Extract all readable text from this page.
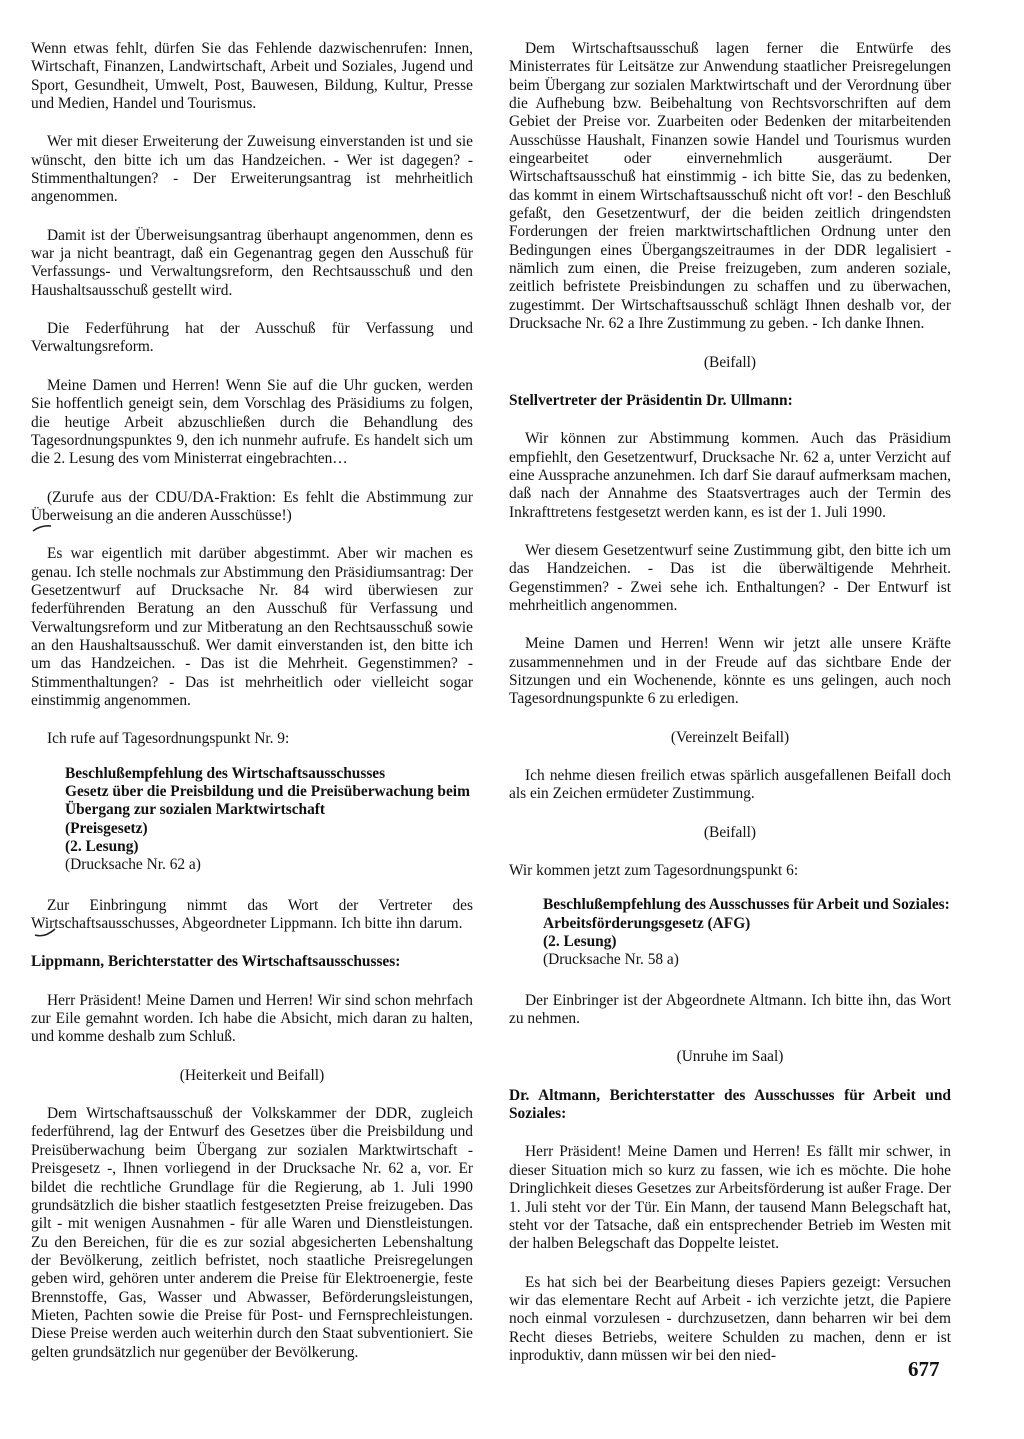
Wenn etwas fehlt, dürfen Sie das Fehlende dazwischenrufen: Innen, Wirtschaft, Finanzen, Landwirtschaft, Arbeit und Soziales, Jugend und Sport, Gesundheit, Umwelt, Post, Bauwesen, Bildung, Kultur, Presse und Medien, Handel und Tourismus.

Wer mit dieser Erweiterung der Zuweisung einverstanden ist und sie wünscht, den bitte ich um das Handzeichen. - Wer ist dagegen? - Stimmenthaltungen? - Der Erweiterungsantrag ist mehrheitlich angenommen.

Damit ist der Überweisungsantrag überhaupt angenommen, denn es war ja nicht beantragt, daß ein Gegenantrag gegen den Ausschuß für Verfassungs- und Verwaltungsreform, den Rechtsausschuß und den Haushaltsausschuß gestellt wird.

Die Federführung hat der Ausschuß für Verfassung und Verwaltungsreform.

Meine Damen und Herren! Wenn Sie auf die Uhr gucken, werden Sie hoffentlich geneigt sein, dem Vorschlag des Präsidiums zu folgen, die heutige Arbeit abzuschließen durch die Behandlung des Tagesordnungspunktes 9, den ich nunmehr aufrufe. Es handelt sich um die 2. Lesung des vom Ministerrat eingebrachten…

(Zurufe aus der CDU/DA-Fraktion: Es fehlt die Abstimmung zur Überweisung an die anderen Ausschüsse!)

Es war eigentlich mit darüber abgestimmt. Aber wir machen es genau. Ich stelle nochmals zur Abstimmung den Präsidiumsantrag: Der Gesetzentwurf auf Drucksache Nr. 84 wird überwiesen zur federführenden Beratung an den Ausschuß für Verfassung und Verwaltungsreform und zur Mitberatung an den Rechtsausschuß sowie an den Haushaltsausschuß. Wer damit einverstanden ist, den bitte ich um das Handzeichen. - Das ist die Mehrheit. Gegenstimmen? - Stimmenthaltungen? - Das ist mehrheitlich oder vielleicht sogar einstimmig angenommen.

Ich rufe auf Tagesordnungspunkt Nr. 9:

Beschlußempfehlung des Wirtschaftsausschusses
Gesetz über die Preisbildung und die Preisüberwachung beim Übergang zur sozialen Marktwirtschaft
(Preisgesetz)
(2. Lesung)
(Drucksache Nr. 62 a)

Zur Einbringung nimmt das Wort der Vertreter des Wirtschaftsausschusses, Abgeordneter Lippmann. Ich bitte ihn darum.

Lippmann, Berichterstatter des Wirtschaftsausschusses:

Herr Präsident! Meine Damen und Herren! Wir sind schon mehrfach zur Eile gemahnt worden. Ich habe die Absicht, mich daran zu halten, und komme deshalb zum Schluß.

(Heiterkeit und Beifall)

Dem Wirtschaftsausschuß der Volkskammer der DDR, zugleich federführend, lag der Entwurf des Gesetzes über die Preisbildung und Preisüberwachung beim Übergang zur sozialen Marktwirtschaft - Preisgesetz -, Ihnen vorliegend in der Drucksache Nr. 62 a, vor. Er bildet die rechtliche Grundlage für die Regierung, ab 1. Juli 1990 grundsätzlich die bisher staatlich festgesetzten Preise freizugeben. Das gilt - mit wenigen Ausnahmen - für alle Waren und Dienstleistungen. Zu den Bereichen, für die es zur sozial abgesicherten Lebenshaltung der Bevölkerung, zeitlich befristet, noch staatliche Preisregelungen geben wird, gehören unter anderem die Preise für Elektroenergie, feste Brennstoffe, Gas, Wasser und Abwasser, Beförderungsleistungen, Mieten, Pachten sowie die Preise für Post- und Fernsprechleistungen. Diese Preise werden auch weiterhin durch den Staat subventioniert. Sie gelten grundsätzlich nur gegenüber der Bevölkerung.

Dem Wirtschaftsausschuß lagen ferner die Entwürfe des Ministerrates für Leitsätze zur Anwendung staatlicher Preisregelungen beim Übergang zur sozialen Marktwirtschaft und der Verordnung über die Aufhebung bzw. Beibehaltung von Rechtsvorschriften auf dem Gebiet der Preise vor. Zuarbeiten oder Bedenken der mitarbeitenden Ausschüsse Haushalt, Finanzen sowie Handel und Tourismus wurden eingearbeitet oder einvernehmlich ausgeräumt. Der Wirtschaftsausschuß hat einstimmig - ich bitte Sie, das zu bedenken, das kommt in einem Wirtschaftsausschuß nicht oft vor! - den Beschluß gefaßt, den Gesetzentwurf, der die beiden zeitlich dringendsten Forderungen der freien marktwirtschaftlichen Ordnung unter den Bedingungen eines Übergangszeitraumes in der DDR legalisiert - nämlich zum einen, die Preise freizugeben, zum anderen soziale, zeitlich befristete Preisbindungen zu schaffen und zu überwachen, zugestimmt. Der Wirtschaftsausschuß schlägt Ihnen deshalb vor, der Drucksache Nr. 62 a Ihre Zustimmung zu geben. - Ich danke Ihnen.

(Beifall)

Stellvertreter der Präsidentin Dr. Ullmann:

Wir können zur Abstimmung kommen. Auch das Präsidium empfiehlt, den Gesetzentwurf, Drucksache Nr. 62 a, unter Verzicht auf eine Aussprache anzunehmen. Ich darf Sie darauf aufmerksam machen, daß nach der Annahme des Staatsvertrages auch der Termin des Inkrafttretens festgesetzt werden kann, es ist der 1. Juli 1990.

Wer diesem Gesetzentwurf seine Zustimmung gibt, den bitte ich um das Handzeichen. - Das ist die überwältigende Mehrheit. Gegenstimmen? - Zwei sehe ich. Enthaltungen? - Der Entwurf ist mehrheitlich angenommen.

Meine Damen und Herren! Wenn wir jetzt alle unsere Kräfte zusammennehmen und in der Freude auf das sichtbare Ende der Sitzungen und ein Wochenende, könnte es uns gelingen, auch noch Tagesordnungspunkte 6 zu erledigen.

(Vereinzelt Beifall)

Ich nehme diesen freilich etwas spärlich ausgefallenen Beifall doch als ein Zeichen ermüdeter Zustimmung.

(Beifall)

Wir kommen jetzt zum Tagesordnungspunkt 6:

Beschlußempfehlung des Ausschusses für Arbeit und Soziales:
Arbeitsförderungsgesetz (AFG)
(2. Lesung)
(Drucksache Nr. 58 a)

Der Einbringer ist der Abgeordnete Altmann. Ich bitte ihn, das Wort zu nehmen.

(Unruhe im Saal)

Dr. Altmann, Berichterstatter des Ausschusses für Arbeit und Soziales:

Herr Präsident! Meine Damen und Herren! Es fällt mir schwer, in dieser Situation mich so kurz zu fassen, wie ich es möchte. Die hohe Dringlichkeit dieses Gesetzes zur Arbeitsförderung ist außer Frage. Der 1. Juli steht vor der Tür. Ein Mann, der tausend Mann Belegschaft hat, steht vor der Tatsache, daß ein entsprechender Betrieb im Westen mit der halben Belegschaft das Doppelte leistet.

Es hat sich bei der Bearbeitung dieses Papiers gezeigt: Versuchen wir das elementare Recht auf Arbeit - ich verzichte jetzt, die Papiere noch einmal vorzulesen - durchzusetzen, dann beharren wir bei dem Recht dieses Betriebs, weitere Schulden zu machen, denn er ist inproduktiv, dann müssen wir bei den nied-

677
